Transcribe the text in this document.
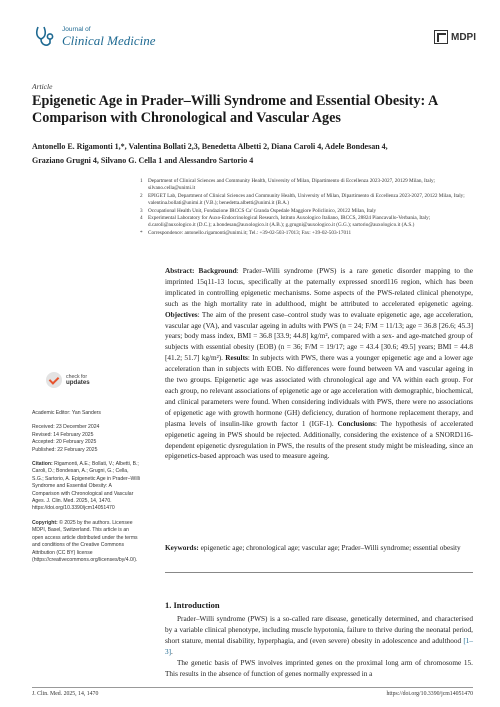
Journal of
Clinical Medicine	MDPI
Article
Epigenetic Age in Prader–Willi Syndrome and Essential Obesity: A Comparison with Chronological and Vascular Ages
Antonello E. Rigamonti 1,*, Valentina Bollati 2,3, Benedetta Albetti 2, Diana Caroli 4, Adele Bondesan 4,
Graziano Grugni 4, Silvano G. Cella 1 and Alessandro Sartorio 4
1	Department of Clinical Sciences and Community Health, University of Milan, Dipartimento di Eccellenza 2023-2027, 20129 Milan, Italy; silvano.cella@unimi.it
2	EPIGET Lab, Department of Clinical Sciences and Community Health, University of Milan, Dipartimento di Eccellenza 2023-2027, 20122 Milan, Italy; valentina.bollati@unimi.it (V.B.); benedetta.albetti@unimi.it (B.A.)
3	Occupational Health Unit, Fondazione IRCCS Ca' Granda Ospedale Maggiore Policlinico, 20122 Milan, Italy
4	Experimental Laboratory for Auxo-Endocrinological Research, Istituto Auxologico Italiano, IRCCS, 28824 Piancavallo-Verbania, Italy; d.caroli@auxologico.it (D.C.); a.bondesan@auxologico.it (A.B.); g.grugni@auxologico.it (G.G.); sartorio@auxologico.it (A.S.)
*	Correspondence: antonello.rigamonti@unimi.it; Tel.: +39-02-503-17013; Fax: +39-02-503-17011
Abstract: Background: Prader–Willi syndrome (PWS) is a rare genetic disorder mapping to the imprinted 15q11-13 locus, specifically at the paternally expressed snord116 region, which has been implicated in controlling epigenetic mechanisms. Some aspects of the PWS-related clinical phenotype, such as the high mortality rate in adulthood, might be attributed to accelerated epigenetic ageing. Objectives: The aim of the present case–control study was to evaluate epigenetic age, age acceleration, vascular age (VA), and vascular ageing in adults with PWS (n = 24; F/M = 11/13; age = 36.8 [26.6; 45.3] years; body mass index, BMI = 36.8 [33.9; 44.8] kg/m², compared with a sex- and age-matched group of subjects with essential obesity (EOB) (n = 36; F/M = 19/17; age = 43.4 [30.6; 49.5] years; BMI = 44.8 [41.2; 51.7] kg/m²). Results: In subjects with PWS, there was a younger epigenetic age and a lower age acceleration than in subjects with EOB. No differences were found between VA and vascular ageing in the two groups. Epigenetic age was associated with chronological age and VA within each group. For each group, no relevant associations of epigenetic age or age acceleration with demographic, biochemical, and clinical parameters were found. When considering individuals with PWS, there were no associations of epigenetic age with growth hormone (GH) deficiency, duration of hormone replacement therapy, and plasma levels of insulin-like growth factor 1 (IGF-1). Conclusions: The hypothesis of accelerated epigenetic ageing in PWS should be rejected. Additionally, considering the existence of a SNORD116-dependent epigenetic dysregulation in PWS, the results of the present study might be misleading, since an epigenetics-based approach was used to measure ageing.
Keywords: epigenetic age; chronological age; vascular age; Prader–Willi syndrome; essential obesity
check for
updates
Academic Editor: Yan Sanders
Received: 23 December 2024
Revised: 14 February 2025
Accepted: 20 February 2025
Published: 22 February 2025
Citation: Rigamonti, A.E.; Bollati, V.; Albetti, B.; Caroli, D.; Bondesan, A.; Grugni, G.; Cella, S.G.; Sartorio, A. Epigenetic Age in Prader–Willi Syndrome and Essential Obesity: A Comparison with Chronological and Vascular Ages. J. Clin. Med. 2025, 14, 1470. https://doi.org/10.3390/jcm14051470
Copyright: © 2025 by the authors. Licensee MDPI, Basel, Switzerland. This article is an open access article distributed under the terms and conditions of the Creative Commons Attribution (CC BY) license (https://creativecommons.org/licenses/by/4.0/).
1. Introduction

Prader–Willi syndrome (PWS) is a so-called rare disease, genetically determined, and characterised by a variable clinical phenotype, including muscle hypotonia, failure to thrive during the neonatal period, short stature, mental disability, hyperphagia, and (even severe) obesity in adolescence and adulthood [1–3].

The genetic basis of PWS involves imprinted genes on the proximal long arm of chromosome 15. This results in the absence of function of genes normally expressed in a

J. Clin. Med. 2025, 14, 1470	https://doi.org/10.3390/jcm14051470
